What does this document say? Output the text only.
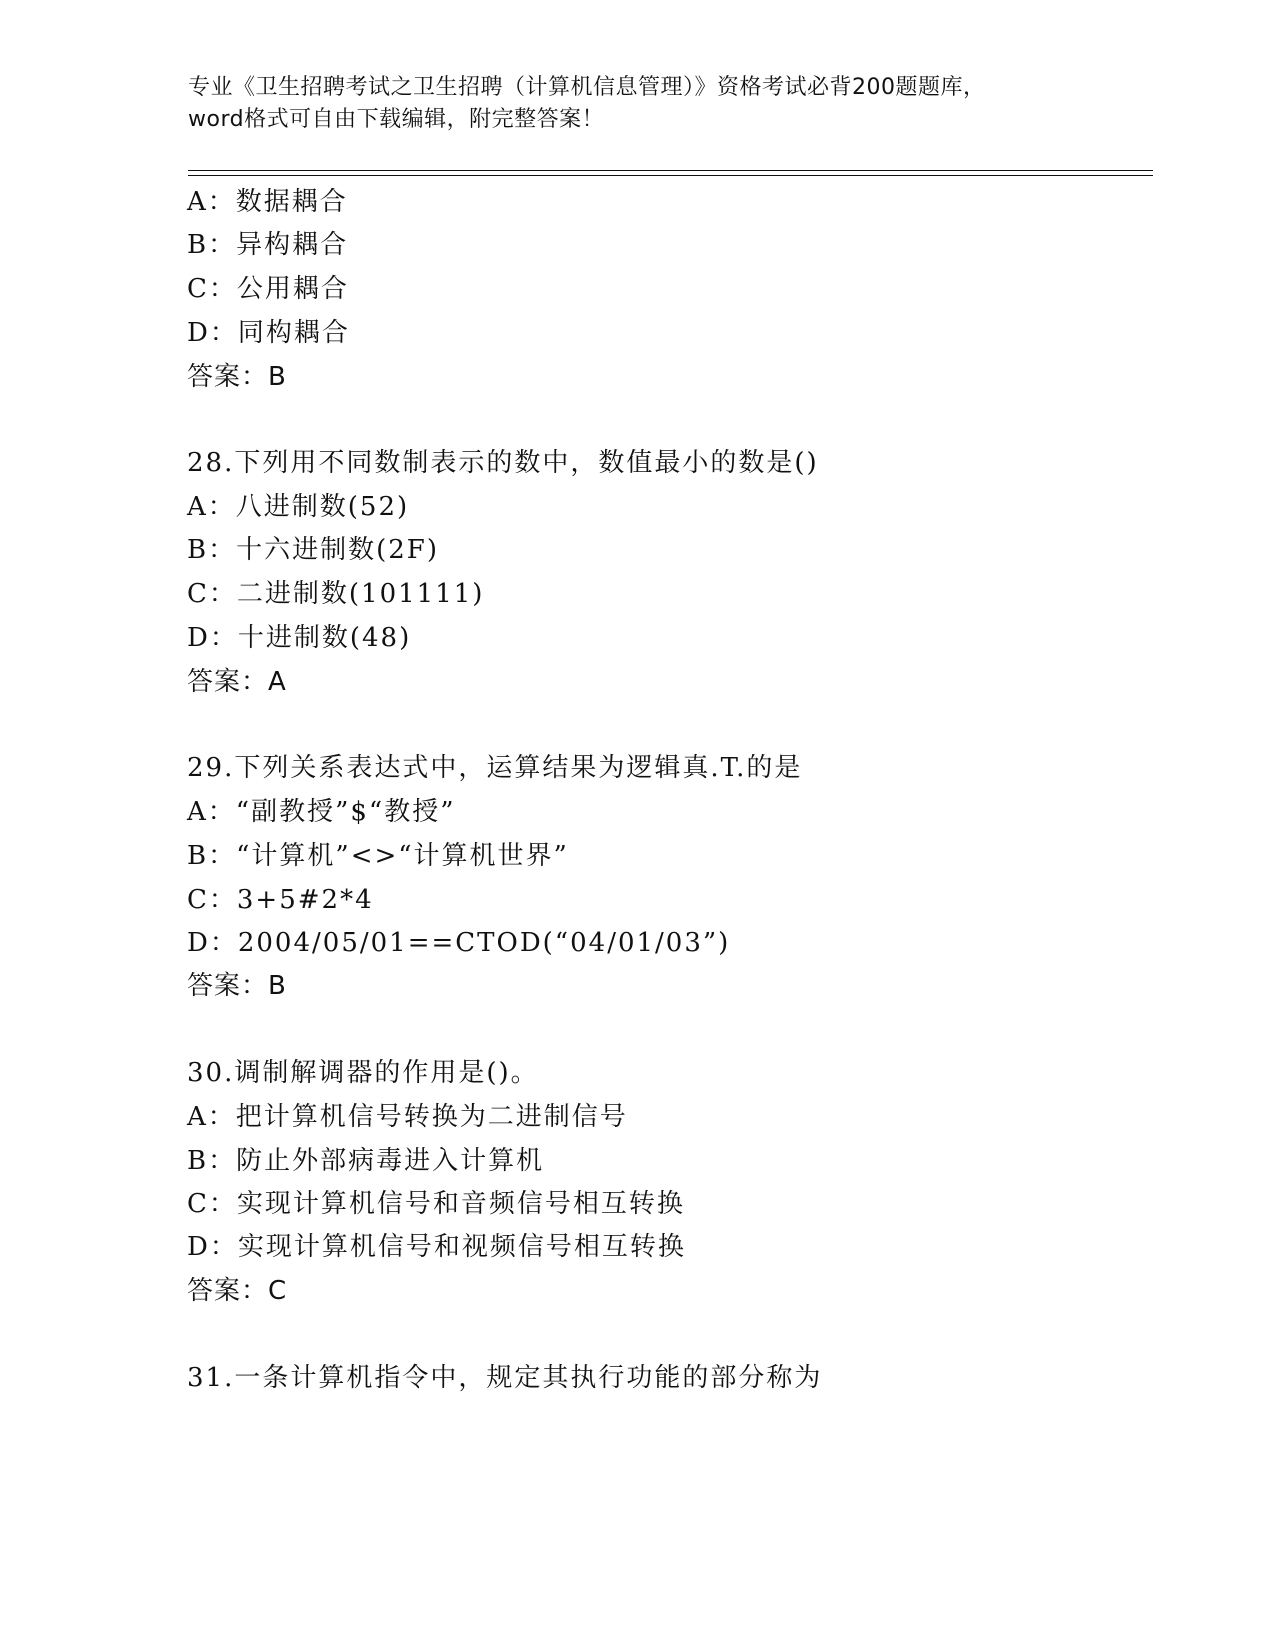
专业《卫生招聘考试之卫生招聘（计算机信息管理）》资格考试必背200题题库，
word格式可自由下载编辑，附完整答案！
A：数据耦合
B：异构耦合
C：公用耦合
D：同构耦合
答案：B
28.下列用不同数制表示的数中，数值最小的数是()
A：八进制数(52)
B：十六进制数(2F)
C：二进制数(101111)
D：十进制数(48)
答案：A
29.下列关系表达式中，运算结果为逻辑真.T.的是
A：“副教授”$“教授”
B：“计算机”<>“计算机世界”
C：3+5#2*4
D：2004/05/01==CTOD(“04/01/03”)
答案：B
30.调制解调器的作用是()。
A：把计算机信号转换为二进制信号
B：防止外部病毒进入计算机
C：实现计算机信号和音频信号相互转换
D：实现计算机信号和视频信号相互转换
答案：C
31.一条计算机指令中，规定其执行功能的部分称为
